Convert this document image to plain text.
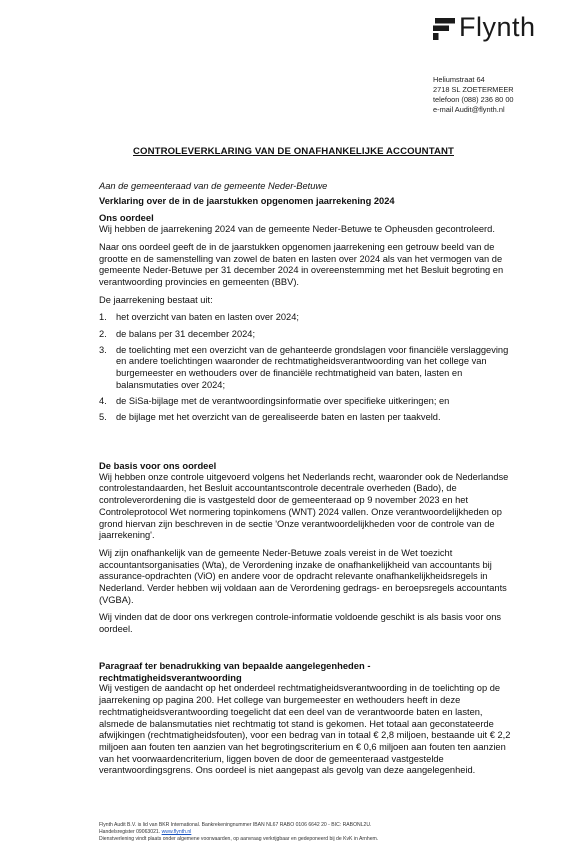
Flynth
Heliumstraat 64
2718 SL ZOETERMEER
telefoon (088) 236 80 00
e-mail Audit@flynth.nl
CONTROLEVERKLARING VAN DE ONAFHANKELIJKE ACCOUNTANT

Aan de gemeenteraad van de gemeente Neder-Betuwe

Verklaring over de in de jaarstukken opgenomen jaarrekening 2024

Ons oordeel

Wij hebben de jaarrekening 2024 van de gemeente Neder-Betuwe te Opheusden gecontroleerd.

Naar ons oordeel geeft de in de jaarstukken opgenomen jaarrekening een getrouw beeld van de grootte en de samenstelling van zowel de baten en lasten over 2024 als van het vermogen van de gemeente Neder-Betuwe per 31 december 2024 in overeenstemming met het Besluit begroting en verantwoording provincies en gemeenten (BBV).

De jaarrekening bestaat uit:

1. het overzicht van baten en lasten over 2024;
2. de balans per 31 december 2024;
3. de toelichting met een overzicht van de gehanteerde grondslagen voor financiële verslaggeving en andere toelichtingen waaronder de rechtmatigheidsverantwoording van het college van burgemeester en wethouders over de financiële rechtmatigheid van baten, lasten en balansmutaties over 2024;
4. de SiSa-bijlage met de verantwoordingsinformatie over specifieke uitkeringen; en
5. de bijlage met het overzicht van de gerealiseerde baten en lasten per taakveld.
De basis voor ons oordeel

Wij hebben onze controle uitgevoerd volgens het Nederlands recht, waaronder ook de Nederlandse controlestandaarden, het Besluit accountantscontrole decentrale overheden (Bado), de controleverordening die is vastgesteld door de gemeenteraad op 9 november 2023 en het Controleprotocol Wet normering topinkomens (WNT) 2024 vallen. Onze verantwoordelijkheden op grond hiervan zijn beschreven in de sectie 'Onze verantwoordelijkheden voor de controle van de jaarrekening'.

Wij zijn onafhankelijk van de gemeente Neder-Betuwe zoals vereist in de Wet toezicht accountantsorganisaties (Wta), de Verordening inzake de onafhankelijkheid van accountants bij assurance-opdrachten (ViO) en andere voor de opdracht relevante onafhankelijkheidsregels in Nederland. Verder hebben wij voldaan aan de Verordening gedrags- en beroepsregels accountants (VGBA).

Wij vinden dat de door ons verkregen controle-informatie voldoende geschikt is als basis voor ons oordeel.

Paragraaf ter benadrukking van bepaalde aangelegenheden -
rechtmatigheidsverantwoording

Wij vestigen de aandacht op het onderdeel rechtmatigheidsverantwoording in de toelichting op de jaarrekening op pagina 200. Het college van burgemeester en wethouders heeft in deze rechtmatigheidsverantwoording toegelicht dat een deel van de verantwoorde baten en lasten, alsmede de balansmutaties niet rechtmatig tot stand is gekomen. Het totaal aan geconstateerde afwijkingen (rechtmatigheidsfouten), voor een bedrag van in totaal € 2,8 miljoen, bestaande uit € 2,2 miljoen aan fouten ten aanzien van het begrotingscriterium en € 0,6 miljoen aan fouten ten aanzien van het voorwaardencriterium, liggen boven de door de gemeenteraad vastgestelde verantwoordingsgrens. Ons oordeel is niet aangepast als gevolg van deze aangelegenheid.

Flynth Audit B.V. is lid van BKR International. Bankrekeningnummer IBAN NL67 RABO 0106 6642 20 - BIC: RABONL2U.
Handelsregister 09063021. www.flynth.nl
Dienstverlening vindt plaats onder algemene voorwaarden, op aanvraag verkrijgbaar en gedeponeerd bij de KvK in Arnhem.
